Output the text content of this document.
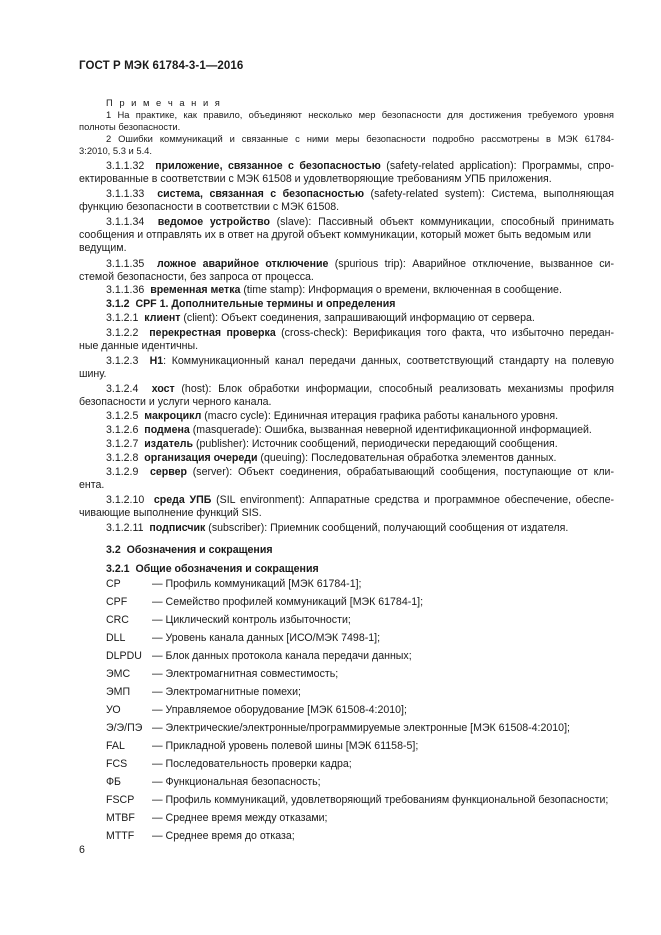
ГОСТ Р МЭК 61784-3-1—2016
П р и м е ч а н и я
1 На практике, как правило, объединяют несколько мер безопасности для достижения требуемого уровня
полноты безопасности.
2 Ошибки коммуникаций и связанные с ними меры безопасности подробно рассмотрены в МЭК 61784-
3:2010, 5.3 и 5.4.
3.1.1.32 приложение, связанное с безопасностью (safety-related application): Программы, спро-
ектированные в соответствии с МЭК 61508 и удовлетворяющие требованиям УПБ приложения.
3.1.1.33 система, связанная с безопасностью (safety-related system): Система, выполняющая
функцию безопасности в соответствии с МЭК 61508.
3.1.1.34 ведомое устройство (slave): Пассивный объект коммуникации, способный принимать
сообщения и отправлять их в ответ на другой объект коммуникации, который может быть ведомым или
ведущим.
3.1.1.35 ложное аварийное отключение (spurious trip): Аварийное отключение, вызванное си-
стемой безопасности, без запроса от процесса.
3.1.1.36 временная метка (time stamp): Информация о времени, включенная в сообщение.
3.1.2 CPF 1. Дополнительные термины и определения
3.1.2.1 клиент (client): Объект соединения, запрашивающий информацию от сервера.
3.1.2.2 перекрестная проверка (cross-check): Верификация того факта, что избыточно передан-
ные данные идентичны.
3.1.2.3 H1: Коммуникационный канал передачи данных, соответствующий стандарту на полевую
шину.
3.1.2.4 хост (host): Блок обработки информации, способный реализовать механизмы профиля
безопасности и услуги черного канала.
3.1.2.5 макроцикл (macro cycle): Единичная итерация графика работы канального уровня.
3.1.2.6 подмена (masquerade): Ошибка, вызванная неверной идентификационной информацией.
3.1.2.7 издатель (publisher): Источник сообщений, периодически передающий сообщения.
3.1.2.8 организация очереди (queuing): Последовательная обработка элементов данных.
3.1.2.9 сервер (server): Объект соединения, обрабатывающий сообщения, поступающие от кли-
ента.
3.1.2.10 среда УПБ (SIL environment): Аппаратные средства и программное обеспечение, обеспе-
чивающие выполнение функций SIS.
3.1.2.11 подписчик (subscriber): Приемник сообщений, получающий сообщения от издателя.
3.2 Обозначения и сокращения
3.2.1 Общие обозначения и сокращения
CP	— Профиль коммуникаций [МЭК 61784-1];
CPF — Семейство профилей коммуникаций [МЭК 61784-1];
CRC — Циклический контроль избыточности;
DLL	— Уровень канала данных [ИСО/МЭК 7498-1];
DLPDU — Блок данных протокола канала передачи данных;
ЭМС — Электромагнитная совместимость;
ЭМП — Электромагнитные помехи;
УО	— Управляемое оборудование [МЭК 61508-4:2010];
Э/Э/ПЭ — Электрические/электронные/программируемые электронные [МЭК 61508-4:2010];
FAL	— Прикладной уровень полевой шины [МЭК 61158-5];
FCS — Последовательность проверки кадра;
ФБ	— Функциональная безопасность;
FSCP — Профиль коммуникаций, удовлетворяющий требованиям функциональной безопасности;
MTBF — Среднее время между отказами;
MTTF — Среднее время до отказа;
6
